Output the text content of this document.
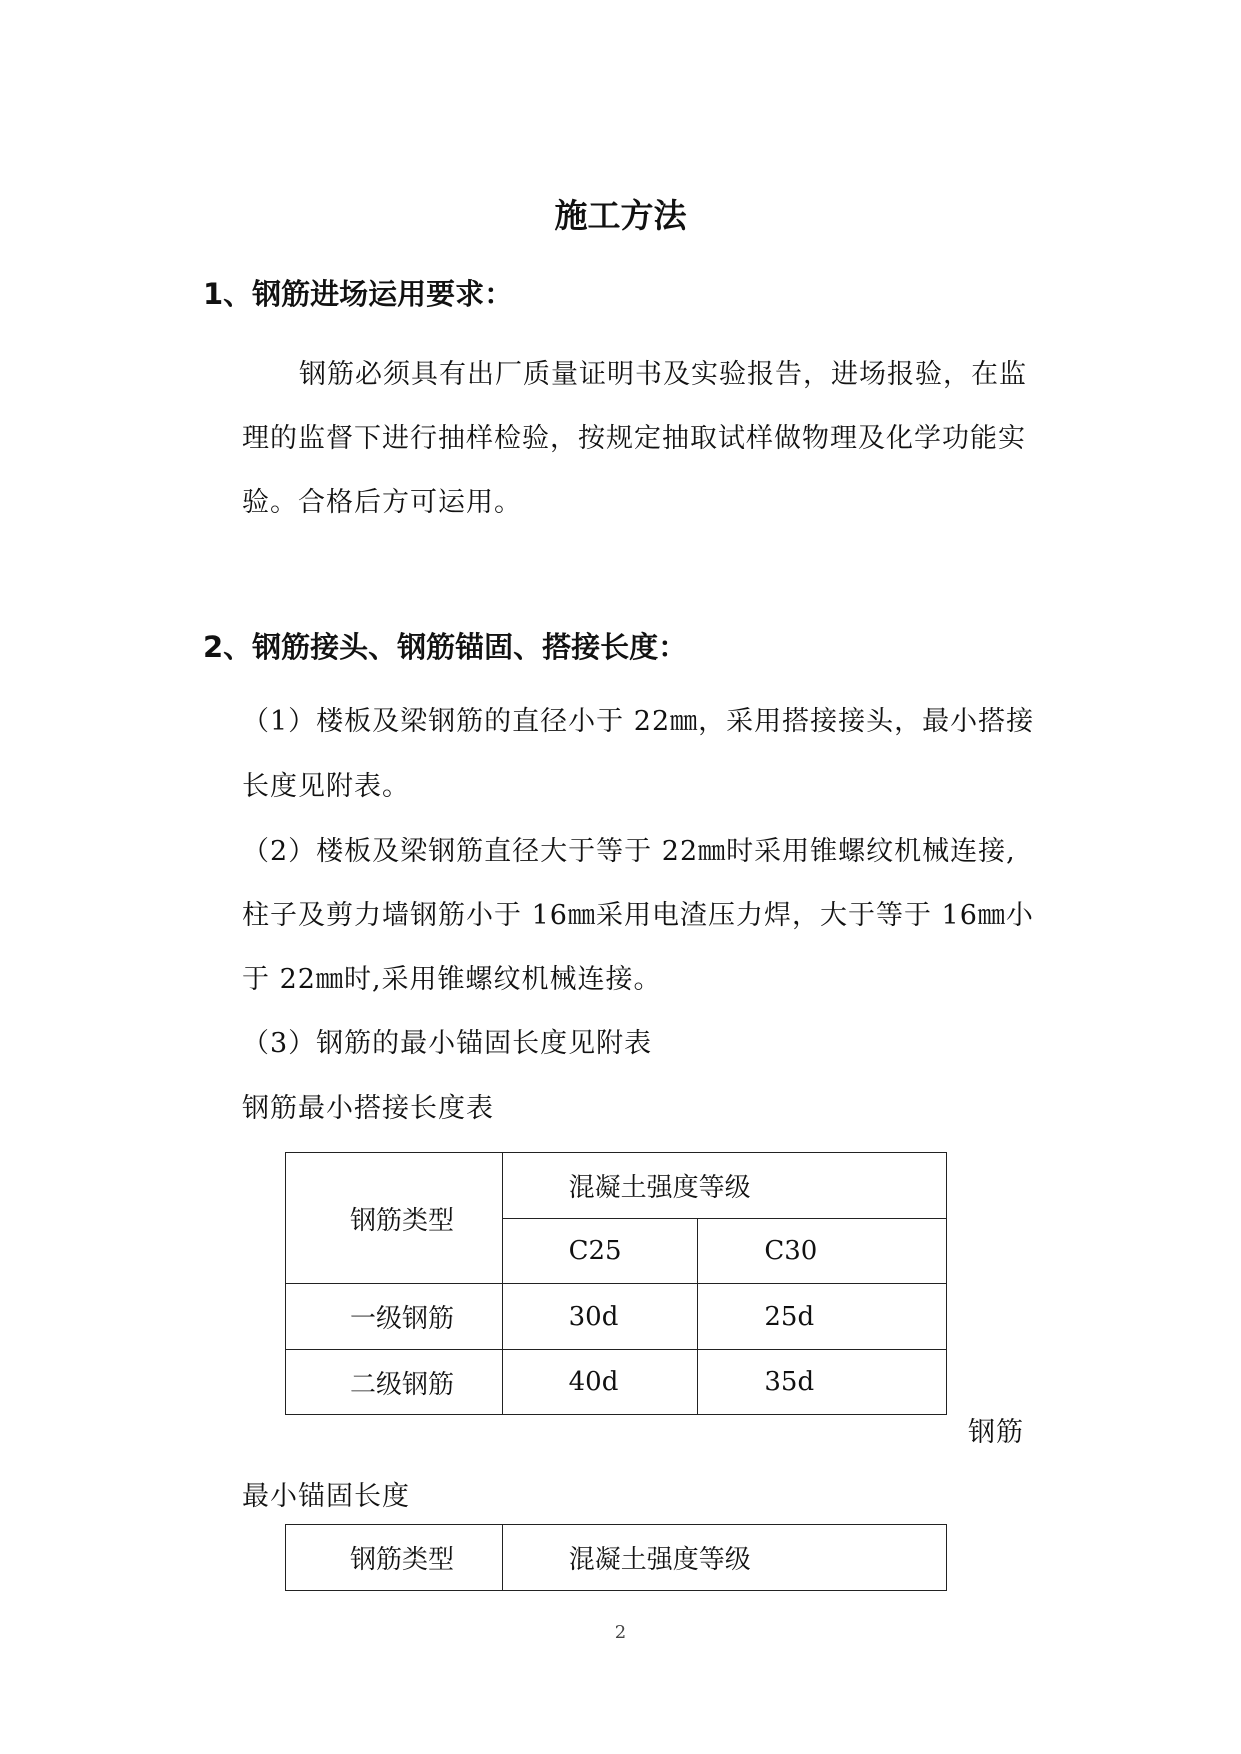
施工方法
1、钢筋进场运用要求：
钢筋必须具有出厂质量证明书及实验报告，进场报验，在监
理的监督下进行抽样检验，按规定抽取试样做物理及化学功能实
验。合格后方可运用。
2、钢筋接头、钢筋锚固、搭接长度：
（1）楼板及梁钢筋的直径小于 22㎜，采用搭接接头，最小搭接
长度见附表。
（2）楼板及梁钢筋直径大于等于 22㎜时采用锥螺纹机械连接,
柱子及剪力墙钢筋小于 16㎜采用电渣压力焊，大于等于 16㎜小
于 22㎜时,采用锥螺纹机械连接。
（3）钢筋的最小锚固长度见附表
钢筋最小搭接长度表
钢筋类型	混凝土强度等级	
	C25	C30
一级钢筋	30d	25d
二级钢筋	40d	35d
钢筋
最小锚固长度
钢筋类型	混凝土强度等级
2
